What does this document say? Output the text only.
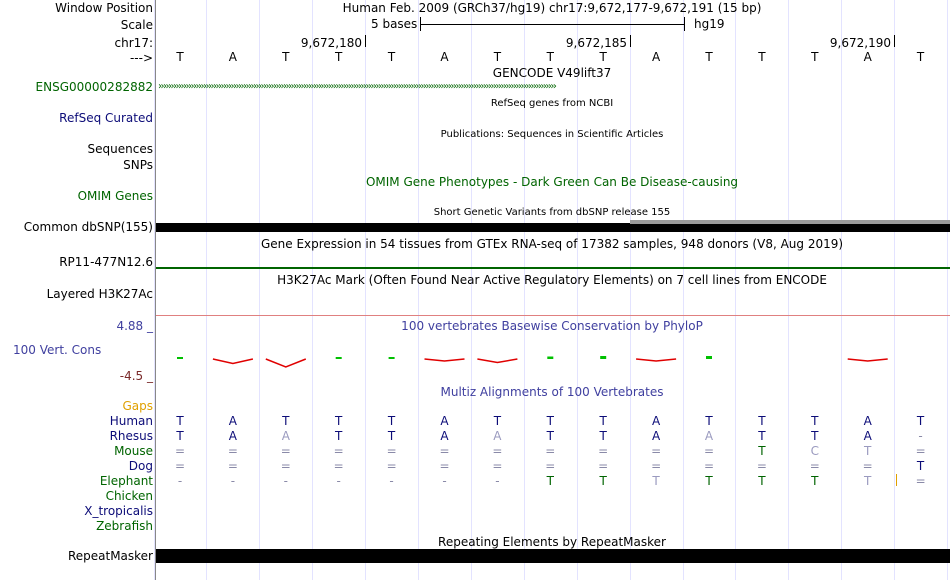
Window Position
Scale
chr17:
--->
Human Feb. 2009 (GRCh37/hg19) chr17:9,672,177-9,672,191 (15 bp)
5 bases	hg19
9,672,180	9,672,185	9,672,190
T	A	T	T	T	A	T	T	T	A	T	T	T	A	T
GENCODE V49lift37
ENSG00000282882 ›››››››››››››››››››››››››››››››››››››››››››››››››››››››››››››››››››››››››››››››››››››››››››››››››››››››››››››››››››››››››››››››››››››››››››››››››››››››››››››››
RefSeq genes from NCBI
RefSeq Curated
Publications: Sequences in Scientific Articles
Sequences
SNPs
OMIM Gene Phenotypes - Dark Green Can Be Disease-causing
OMIM Genes
Short Genetic Variants from dbSNP release 155
Common dbSNP(155)
Gene Expression in 54 tissues from GTEx RNA-seq of 17382 samples, 948 donors (V8, Aug 2019)
RP11-477N12.6
H3K27Ac Mark (Often Found Near Active Regulatory Elements) on 7 cell lines from ENCODE
Layered H3K27Ac
100 vertebrates Basewise Conservation by PhyloP
4.88 _
100 Vert. Cons
-4.5 _
Multiz Alignments of 100 Vertebrates
Gaps
Human	T	A	T	T	T	A	T	T	T	A	T	T	T	A	T
Rhesus	T	A	A	T	T	A	A	T	T	A	A	T	T	A	-
Mouse	=	=	=	=	=	=	=	=	=	=	=	T	C	T	=
Dog	=	=	=	=	=	=	=	=	=	=	=	=	=	=	T
Elephant	-	-	-	-	-	-	-	T	T	T	T	T	T	T	=
Chicken
X_tropicalis
Zebrafish
Repeating Elements by RepeatMasker
RepeatMasker
